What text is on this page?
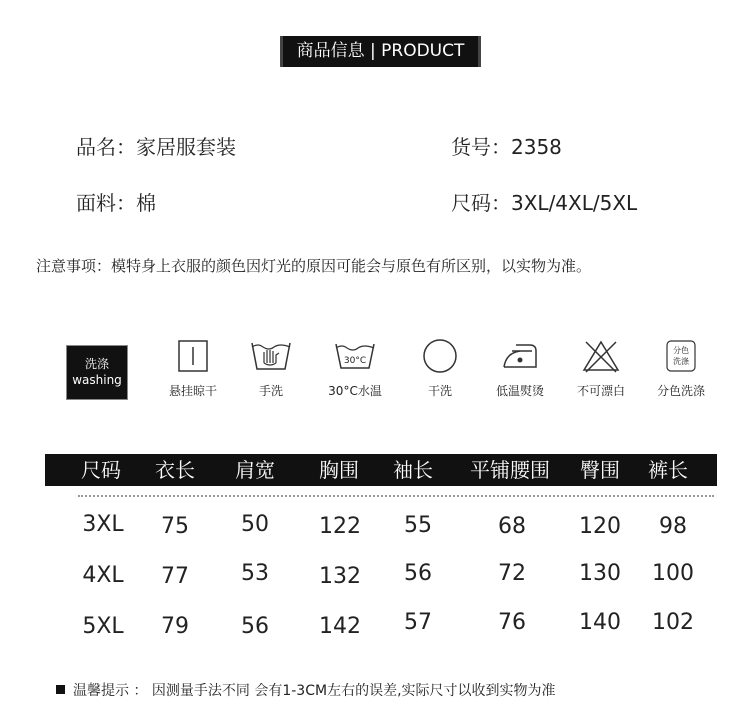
商品信息 | PRODUCT
品名：家居服套装	货号：2358
面料：棉	尺码：3XL/4XL/5XL
注意事项：模特身上衣服的颜色因灯光的原因可能会与原色有所区别，以实物为准。
洗涤
washing
悬挂晾干	手洗
30°C
30°C水温	干洗	低温熨烫	不可漂白
分色
洗涤
分色洗涤
尺码	衣长	肩宽	胸围	袖长	平铺腰围	臀围	裤长
3XL	75	50	122	55	68	120	98
4XL	77	53	132	56	72	130	100
5XL	79	56	142	57	76	140	102
温馨提示 ： 因测量手法不同 会有1-3CM左右的误差,实际尺寸以收到实物为准
